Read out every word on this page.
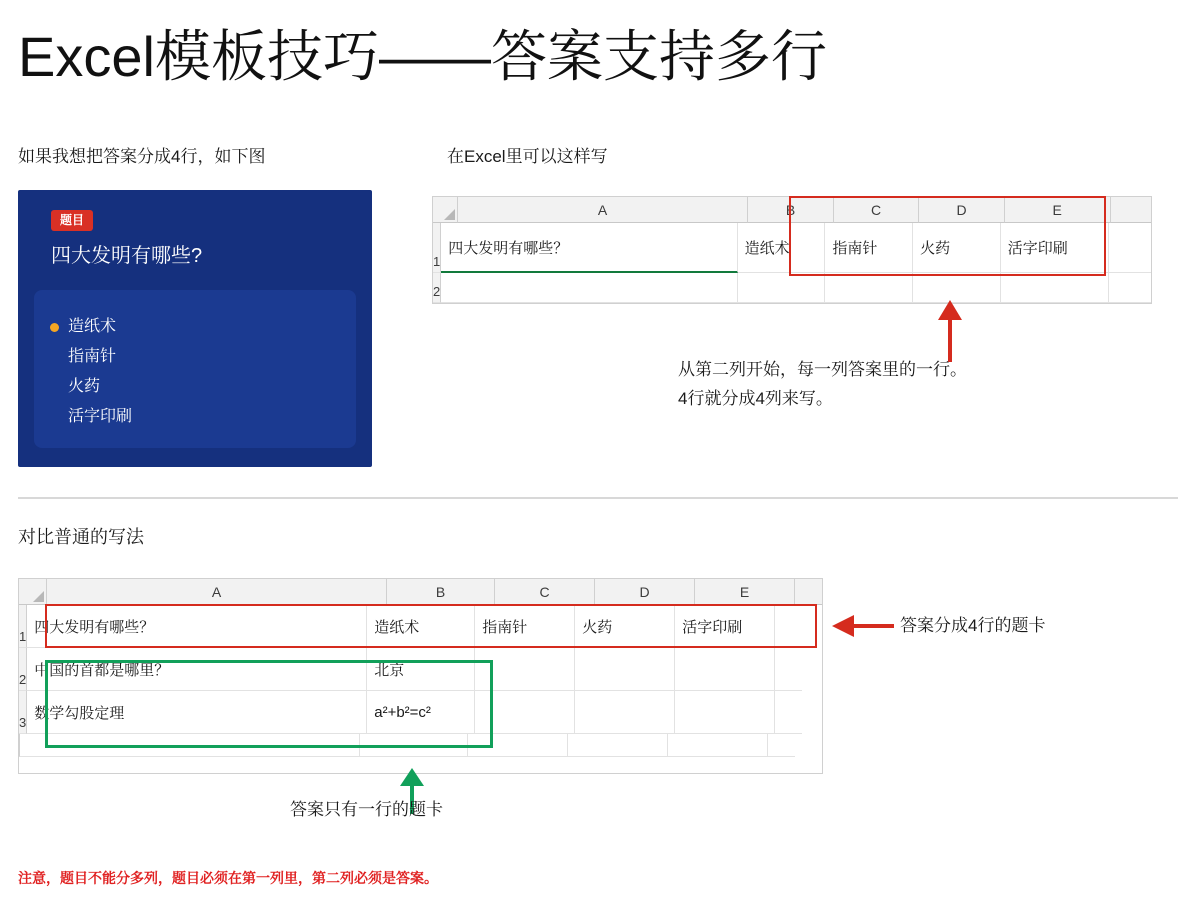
Excel模板技巧——答案支持多行
如果我想把答案分成4行，如下图	在Excel里可以这样写
题目
四大发明有哪些?
造纸术
指南针
火药
活字印刷
A	B	C	D	E
1
四大发明有哪些？	造纸术	指南针	火药	活字印刷
2
从第二列开始，每一列答案里的一行。
4行就分成4列来写。
对比普通的写法
A	B	C	D	E
1
四大发明有哪些？	造纸术	指南针	火药	活字印刷
2
中国的首都是哪里？	北京
3
数学勾股定理	a²+b²=c²
答案分成4行的题卡
答案只有一行的题卡
注意，题目不能分多列，题目必须在第一列里，第二列必须是答案。
